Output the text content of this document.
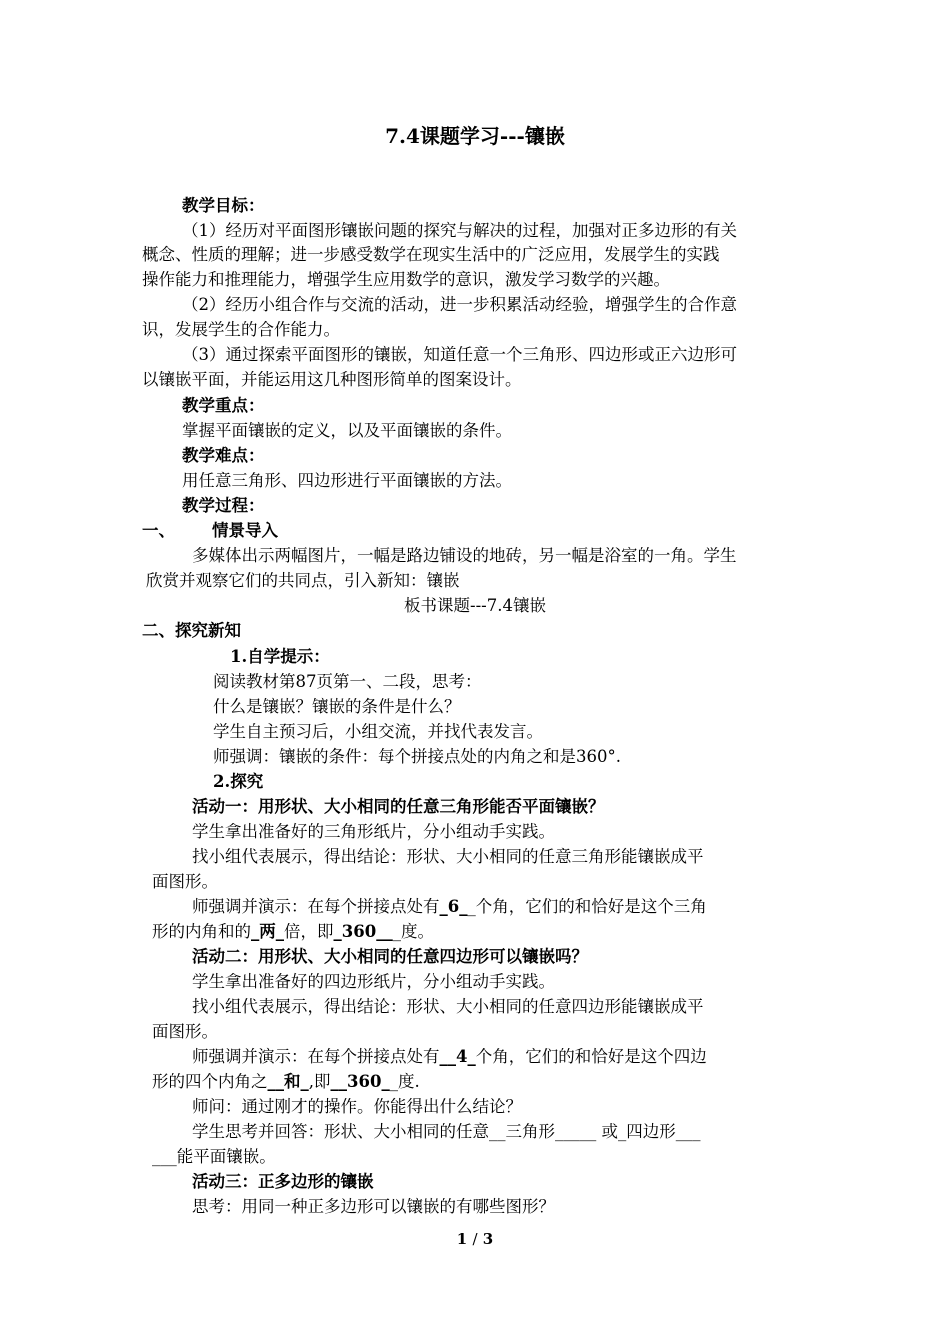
7.4课题学习---镶嵌
教学目标：
（1）经历对平面图形镶嵌问题的探究与解决的过程，加强对正多边形的有关
概念、性质的理解；进一步感受数学在现实生活中的广泛应用，发展学生的实践
操作能力和推理能力，增强学生应用数学的意识，激发学习数学的兴趣。
（2）经历小组合作与交流的活动，进一步积累活动经验，增强学生的合作意
识，发展学生的合作能力。
（3）通过探索平面图形的镶嵌，知道任意一个三角形、四边形或正六边形可
以镶嵌平面，并能运用这几种图形简单的图案设计。
教学重点：
掌握平面镶嵌的定义，以及平面镶嵌的条件。
教学难点：
用任意三角形、四边形进行平面镶嵌的方法。
教学过程：
一、 情景导入
多媒体出示两幅图片，一幅是路边铺设的地砖，另一幅是浴室的一角。学生
欣赏并观察它们的共同点，引入新知：镶嵌
板书课题---7.4镶嵌
二、探究新知
1.自学提示：
阅读教材第87页第一、二段，思考：
什么是镶嵌？镶嵌的条件是什么？
学生自主预习后，小组交流，并找代表发言。
师强调：镶嵌的条件：每个拼接点处的内角之和是360°.
2.探究
活动一：用形状、大小相同的任意三角形能否平面镶嵌？
学生拿出准备好的三角形纸片，分小组动手实践。
找小组代表展示，得出结论：形状、大小相同的任意三角形能镶嵌成平
面图形。
师强调并演示：在每个拼接点处有_6__个角，它们的和恰好是这个三角
形的内角和的_两_倍，即_360___度。
活动二：用形状、大小相同的任意四边形可以镶嵌吗？
学生拿出准备好的四边形纸片，分小组动手实践。
找小组代表展示，得出结论：形状、大小相同的任意四边形能镶嵌成平
面图形。
师强调并演示：在每个拼接点处有__4_个角，它们的和恰好是这个四边
形的四个内角之__和_,即__360__度.
师问：通过刚才的操作。你能得出什么结论？
学生思考并回答：形状、大小相同的任意__三角形_____ 或_四边形___
___能平面镶嵌。
活动三：正多边形的镶嵌
思考：用同一种正多边形可以镶嵌的有哪些图形？
1 / 3
